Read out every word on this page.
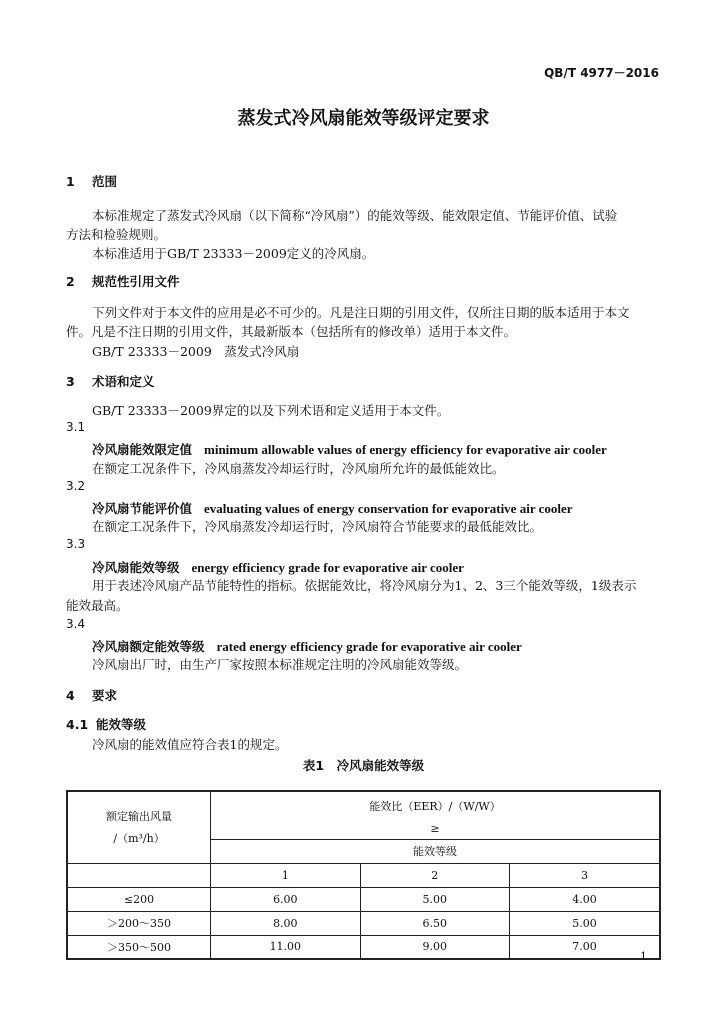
QB/T 4977－2016
蒸发式冷风扇能效等级评定要求
1 范围
本标准规定了蒸发式冷风扇（以下简称“冷风扇”）的能效等级、能效限定值、节能评价值、试验
方法和检验规则。
本标准适用于GB/T 23333－2009定义的冷风扇。
2 规范性引用文件
下列文件对于本文件的应用是必不可少的。凡是注日期的引用文件，仅所注日期的版本适用于本文
件。凡是不注日期的引用文件，其最新版本（包括所有的修改单）适用于本文件。
GB/T 23333－2009　蒸发式冷风扇
3 术语和定义
GB/T 23333－2009界定的以及下列术语和定义适用于本文件。
3.1
冷风扇能效限定值 minimum allowable values of energy efficiency for evaporative air cooler
在额定工况条件下，冷风扇蒸发冷却运行时，冷风扇所允许的最低能效比。
3.2
冷风扇节能评价值 evaluating values of energy conservation for evaporative air cooler
在额定工况条件下，冷风扇蒸发冷却运行时，冷风扇符合节能要求的最低能效比。
3.3
冷风扇能效等级 energy efficiency grade for evaporative air cooler
用于表述冷风扇产品节能特性的指标。依据能效比，将冷风扇分为1、2、3三个能效等级，1级表示
能效最高。
3.4
冷风扇额定能效等级 rated energy efficiency grade for evaporative air cooler
冷风扇出厂时，由生产厂家按照本标准规定注明的冷风扇能效等级。
4 要求
4.1 能效等级
冷风扇的能效值应符合表1的规定。
表1　冷风扇能效等级
额定输出风量
/（m³/h）	能效比（EER）/（W/W）		

	≥		
	能效等级		
	1	2	3
≤200	6.00	5.00	4.00
＞200～350	8.00	6.50	5.00
＞350～500	11.00	9.00	7.00
1
